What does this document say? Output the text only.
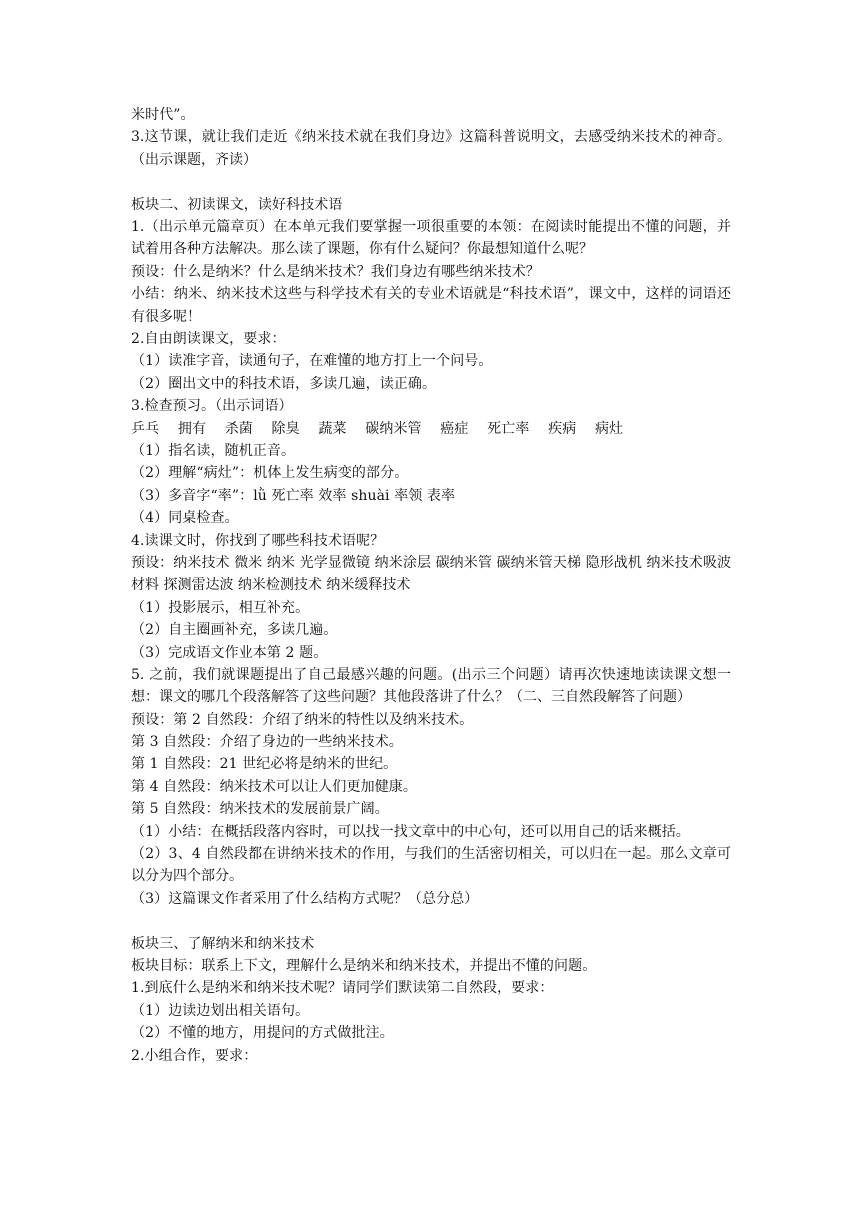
米时代”。
3.这节课，就让我们走近《纳米技术就在我们身边》这篇科普说明文，去感受纳米技术的神奇。（出示课题，齐读）
板块二、初读课文，读好科技术语
1.（出示单元篇章页）在本单元我们要掌握一项很重要的本领：在阅读时能提出不懂的问题，并试着用各种方法解决。那么读了课题，你有什么疑问？你最想知道什么呢？
预设：什么是纳米？什么是纳米技术？我们身边有哪些纳米技术？
小结：纳米、纳米技术这些与科学技术有关的专业术语就是“科技术语”，课文中，这样的词语还有很多呢！
2.自由朗读课文，要求：
（1）读准字音，读通句子，在难懂的地方打上一个问号。
（2）圈出文中的科技术语，多读几遍，读正确。
3.检查预习。（出示词语）
乒乓　 拥有　 杀菌　 除臭　 蔬菜　 碳纳米管　 癌症　 死亡率　 疾病　 病灶
（1）指名读，随机正音。
（2）理解“病灶”：机体上发生病变的部分。
（3）多音字“率”：lǜ 死亡率 效率 shuài 率领 表率
（4）同桌检查。
4.读课文时，你找到了哪些科技术语呢？
预设：纳米技术 微米 纳米 光学显微镜 纳米涂层 碳纳米管 碳纳米管天梯 隐形战机 纳米技术吸波材料 探测雷达波 纳米检测技术 纳米缓释技术
（1）投影展示，相互补充。
（2）自主圈画补充，多读几遍。
（3）完成语文作业本第 2 题。
5. 之前，我们就课题提出了自己最感兴趣的问题。(出示三个问题）请再次快速地读读课文想一想：课文的哪几个段落解答了这些问题？其他段落讲了什么？（二、三自然段解答了问题）
预设：第 2 自然段：介绍了纳米的特性以及纳米技术。
第 3 自然段：介绍了身边的一些纳米技术。
第 1 自然段：21 世纪必将是纳米的世纪。
第 4 自然段：纳米技术可以让人们更加健康。
第 5 自然段：纳米技术的发展前景广阔。
（1）小结：在概括段落内容时，可以找一找文章中的中心句，还可以用自己的话来概括。
（2）3、4 自然段都在讲纳米技术的作用，与我们的生活密切相关，可以归在一起。那么文章可以分为四个部分。
（3）这篇课文作者采用了什么结构方式呢？（总分总）
板块三、了解纳米和纳米技术
板块目标：联系上下文，理解什么是纳米和纳米技术，并提出不懂的问题。
1.到底什么是纳米和纳米技术呢？请同学们默读第二自然段，要求：
（1）边读边划出相关语句。
（2）不懂的地方，用提问的方式做批注。
2.小组合作，要求：
